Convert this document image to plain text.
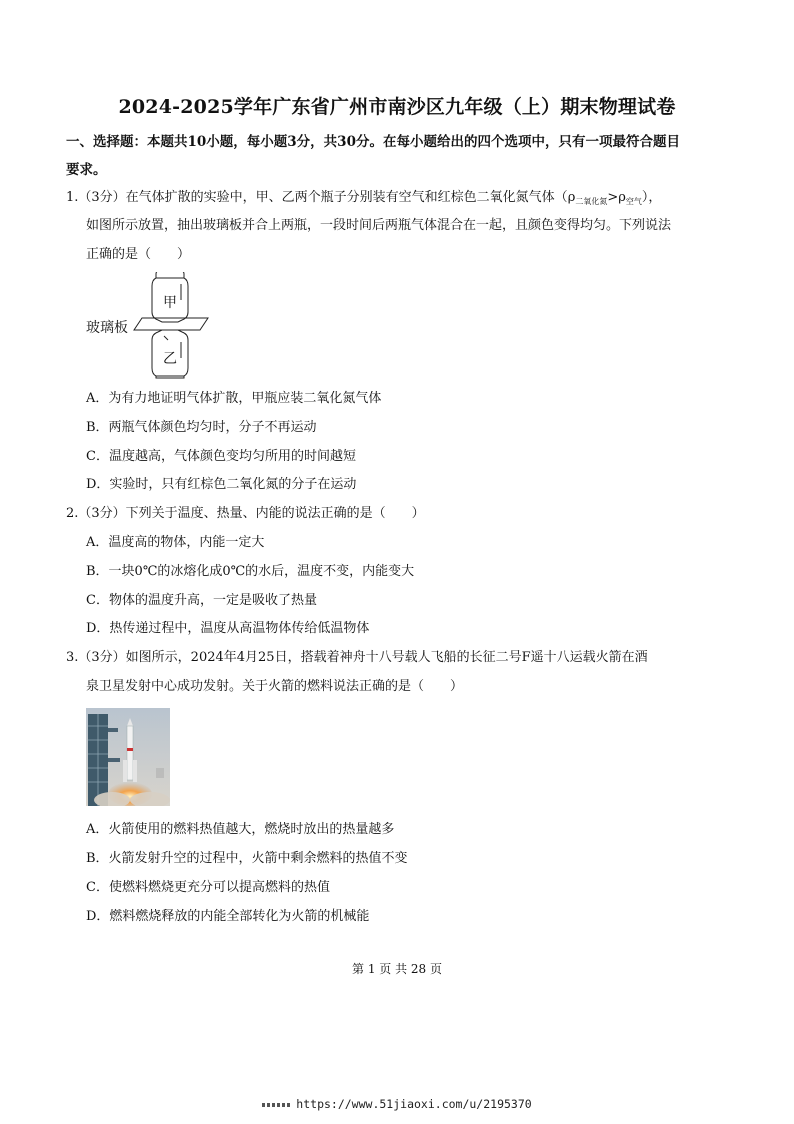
2024-2025学年广东省广州市南沙区九年级（上）期末物理试卷
一、选择题：本题共10小题，每小题3分，共30分。在每小题给出的四个选项中，只有一项最符合题目
要求。
1.（3分）在气体扩散的实验中，甲、乙两个瓶子分别装有空气和红棕色二氧化氮气体$(\rho_{二氧化氮}>\rho_{空气})$，
如图所示放置，抽出玻璃板并合上两瓶，一段时间后两瓶气体混合在一起，且颜色变得均匀。下列说法
正确的是（　　）
玻璃板
甲
乙
A．为有力地证明气体扩散，甲瓶应装二氧化氮气体
B．两瓶气体颜色均匀时，分子不再运动
C．温度越高，气体颜色变均匀所用的时间越短
D．实验时，只有红棕色二氧化氮的分子在运动
2.（3分）下列关于温度、热量、内能的说法正确的是（　　）
A．温度高的物体，内能一定大
B．一块0℃的冰熔化成0℃的水后，温度不变，内能变大
C．物体的温度升高，一定是吸收了热量
D．热传递过程中，温度从高温物体传给低温物体
3.（3分）如图所示，2024年4月25日，搭载着神舟十八号载人飞船的长征二号F遥十八运载火箭在酒
泉卫星发射中心成功发射。关于火箭的燃料说法正确的是（　　）
A．火箭使用的燃料热值越大，燃烧时放出的热量越多
B．火箭发射升空的过程中，火箭中剩余燃料的热值不变
C．使燃料燃烧更充分可以提高燃料的热值
D．燃料燃烧释放的内能全部转化为火箭的机械能
第 1 页 共 28 页
https://www.51jiaoxi.com/u/2195370
